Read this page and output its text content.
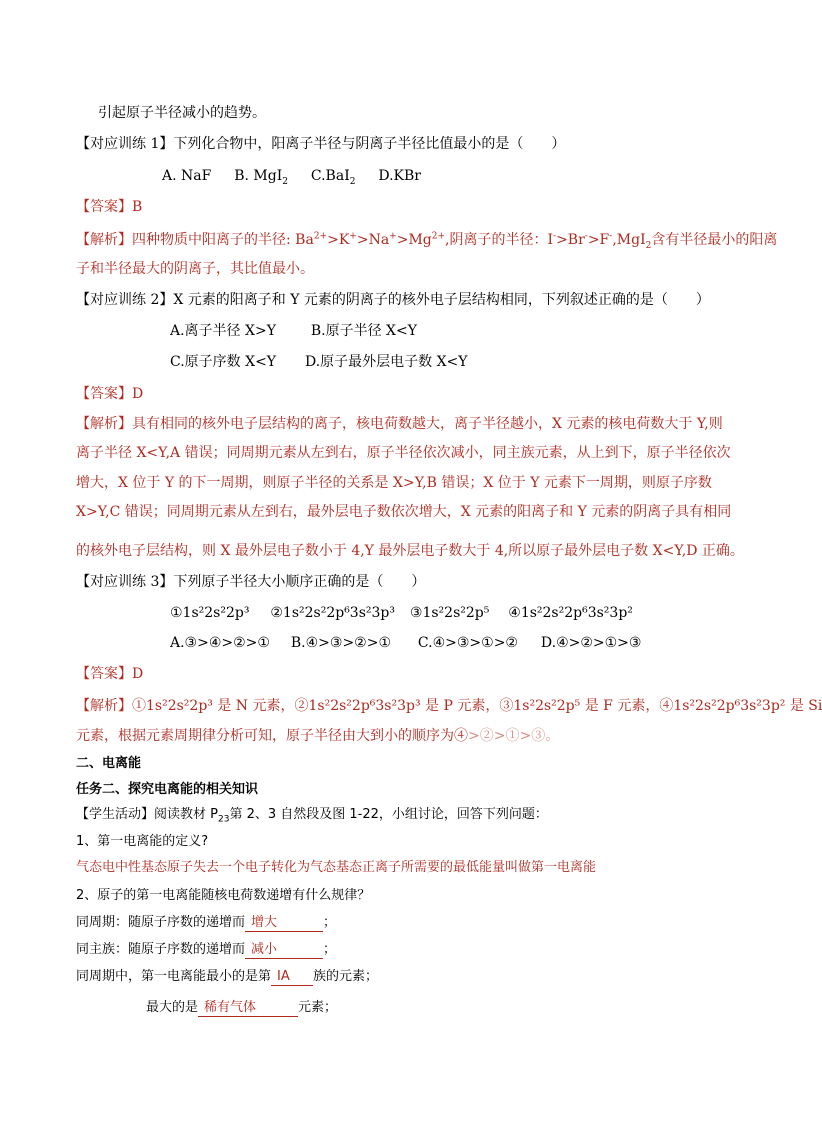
引起原子半径减小的趋势。
【对应训练 1】下列化合物中，阳离子半径与阴离子半径比值最小的是（　　）
A. NaF B. MgI$_2$ C.BaI$_2$ D.KBr
【答案】B
【解析】四种物质中阳离子的半径: $Ba^{2+}>K^+>Na^+>Mg^{2+}$,阴离子的半径：I->Br->F-,MgI$_2$含有半径最小的阳离
子和半径最大的阴离子，其比值最小。
【对应训练 2】X 元素的阳离子和 Y 元素的阴离子的核外电子层结构相同，下列叙述正确的是（　　）
A.离子半径 X>Y B.原子半径 X<Y
C.原子序数 X<Y D.原子最外层电子数 X<Y
【答案】D
【解析】具有相同的核外电子层结构的离子，核电荷数越大，离子半径越小，X 元素的核电荷数大于 Y,则
离子半径 X<Y,A 错误；同周期元素从左到右，原子半径依次减小，同主族元素，从上到下，原子半径依次
增大，X 位于 Y 的下一周期，则原子半径的关系是 X>Y,B 错误；X 位于 Y 元素下一周期，则原子序数
X>Y,C 错误；同周期元素从左到右，最外层电子数依次增大，X 元素的阳离子和 Y 元素的阴离子具有相同
的核外电子层结构，则 X 最外层电子数小于 4,Y 最外层电子数大于 4,所以原子最外层电子数 X<Y,D 正确。
【对应训练 3】下列原子半径大小顺序正确的是（　　）
①1s²2s²2p³ ②1s²2s²2p⁶3s²3p³ ③1s²2s²2p⁵ ④1s²2s²2p⁶3s²3p²
A.③>④>②>① B.④>③>②>① C.④>③>①>② D.④>②>①>③
【答案】D
【解析】①1s²2s²2p³ 是 N 元素，②1s²2s²2p⁶3s²3p³ 是 P 元素，③1s²2s²2p⁵ 是 F 元素，④1s²2s²2p⁶3s²3p² 是 Si
元素，根据元素周期律分析可知，原子半径由大到小的顺序为④>②>①>③。
二、电离能
任务二、探究电离能的相关知识
【学生活动】阅读教材 $P_{23}$第 2、3 自然段及图 1-22，小组讨论，回答下列问题：
1、第一电离能的定义?
气态电中性基态原子失去一个电子转化为气态基态正离子所需要的最低能量叫做第一电离能
2、原子的第一电离能随核电荷数递增有什么规律？
同周期：随原子序数的递增而 增大	；
同主族：随原子序数的递增而 减小	；
同周期中，第一电离能最小的是第 IA 族的元素；
最大的是 稀有气体	元素；
